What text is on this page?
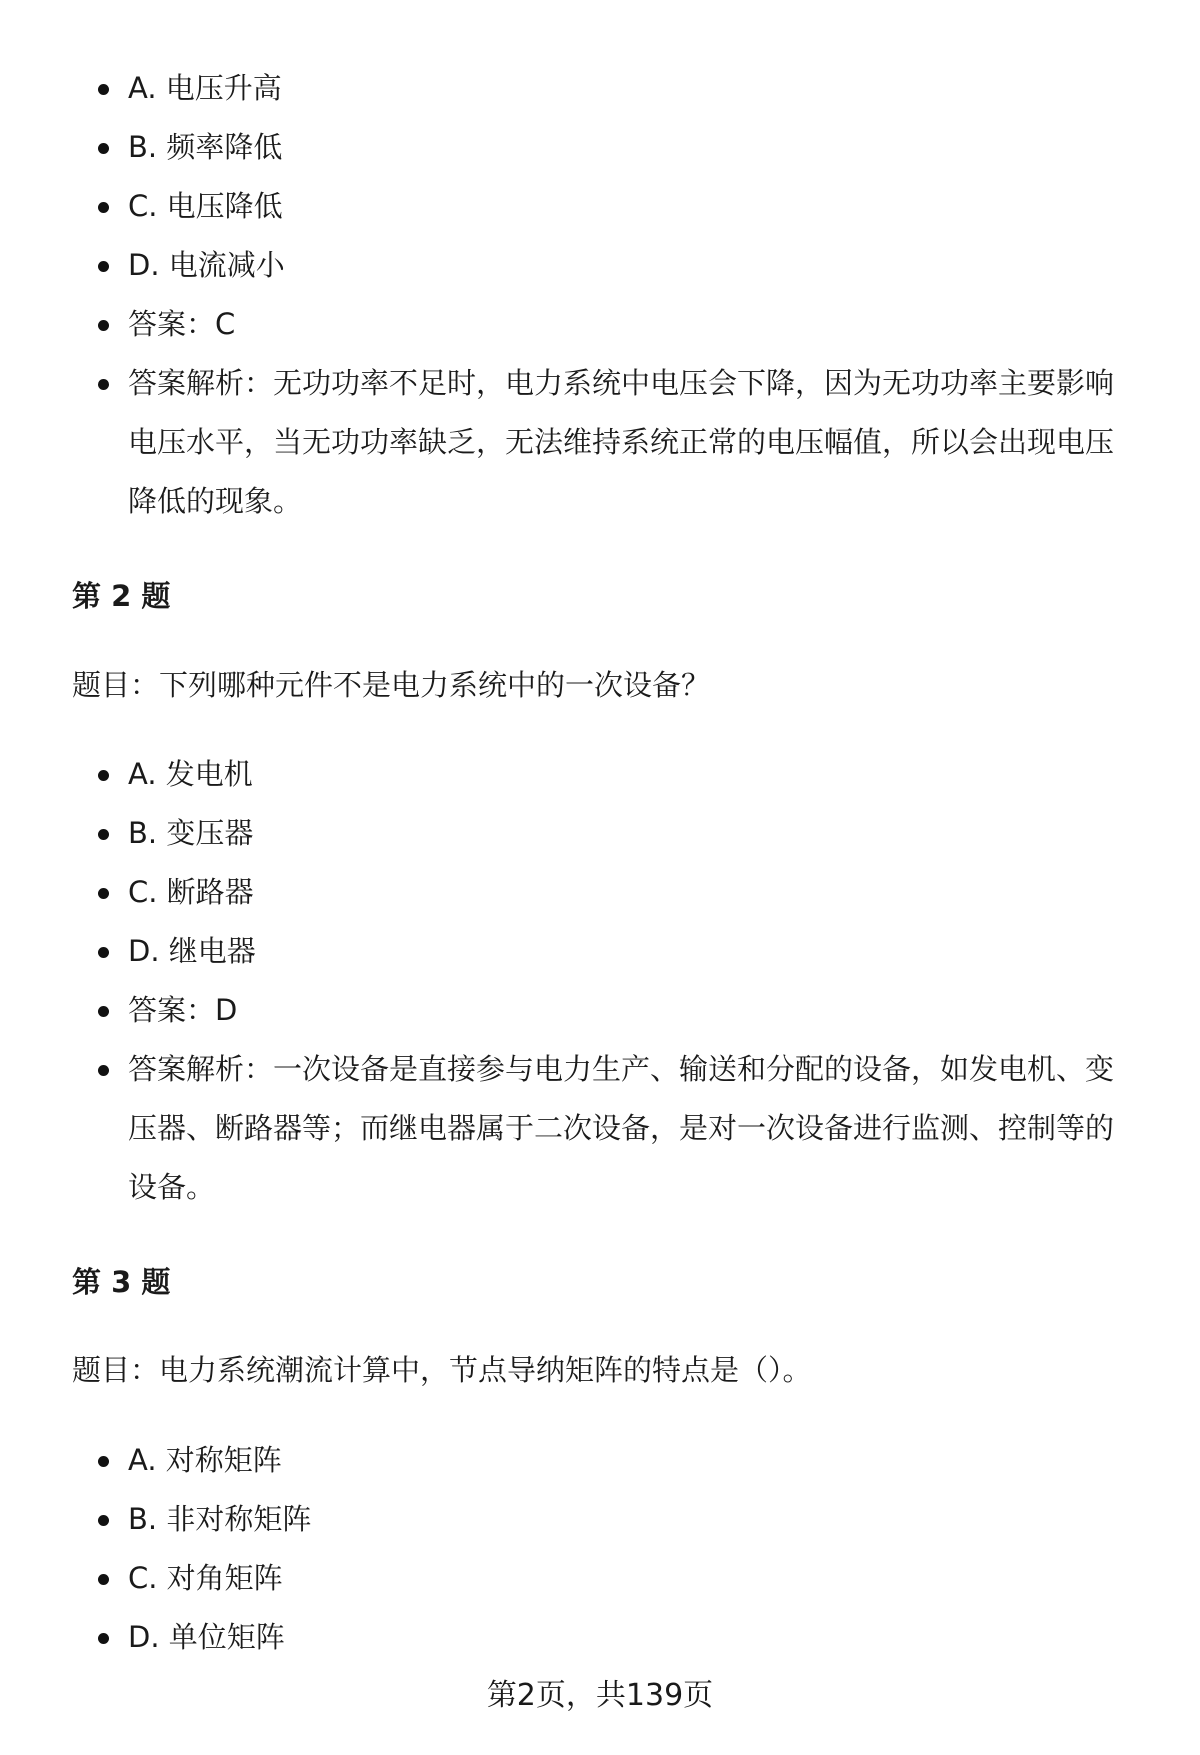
A. 电压升高
B. 频率降低
C. 电压降低
D. 电流减小
答案：C
答案解析：无功功率不足时，电力系统中电压会下降，因为无功功率主要影响电压水平，当无功功率缺乏，无法维持系统正常的电压幅值，所以会出现电压降低的现象。
第 2 题
题目：下列哪种元件不是电力系统中的一次设备？
A. 发电机
B. 变压器
C. 断路器
D. 继电器
答案：D
答案解析：一次设备是直接参与电力生产、输送和分配的设备，如发电机、变压器、断路器等；而继电器属于二次设备，是对一次设备进行监测、控制等的设备。
第 3 题
题目：电力系统潮流计算中，节点导纳矩阵的特点是（）。
A. 对称矩阵
B. 非对称矩阵
C. 对角矩阵
D. 单位矩阵
第2页，共139页
